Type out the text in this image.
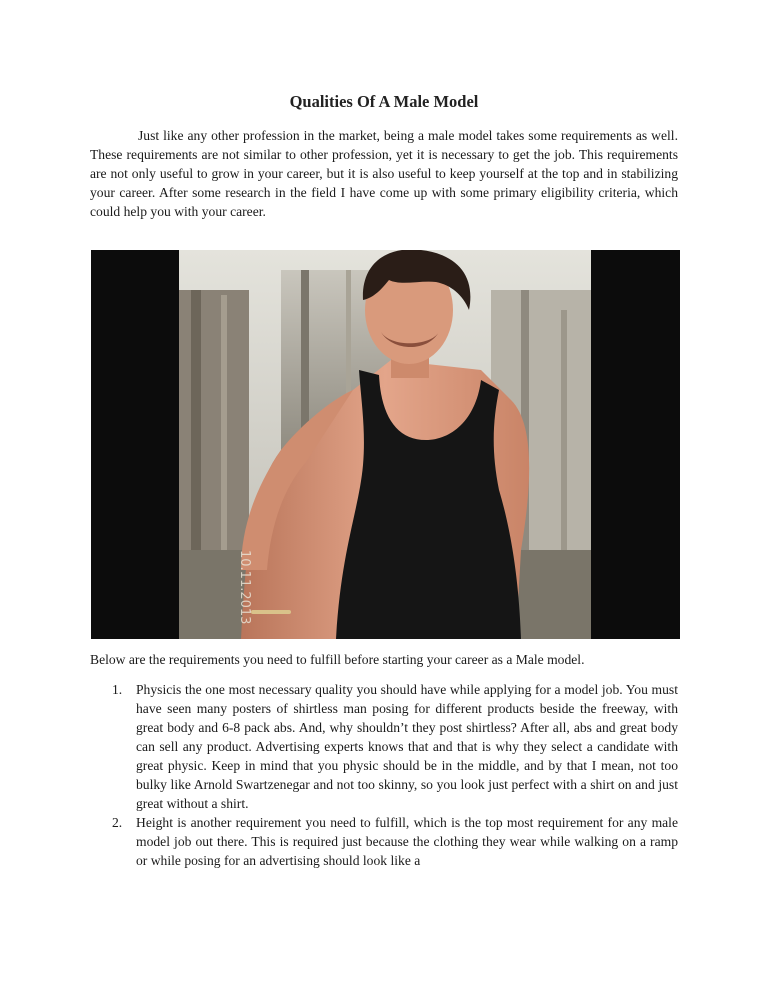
Qualities Of A Male Model

Just like any other profession in the market, being a male model takes some requirements as well. These requirements are not similar to other profession, yet it is necessary to get the job. This requirements are not only useful to grow in your career, but it is also useful to keep yourself at the top and in stabilizing your career. After some research in the field I have come up with some primary eligibility criteria, which could help you with your career.

10.11.2013

Below are the requirements you need to fulfill before starting your career as a Male model.

1. Physicis the one most necessary quality you should have while applying for a model job. You must have seen many posters of shirtless man posing for different products beside the freeway, with great body and 6-8 pack abs. And, why shouldn’t they post shirtless? After all, abs and great body can sell any product. Advertising experts knows that and that is why they select a candidate with great physic. Keep in mind that you physic should be in the middle, and by that I mean, not too bulky like Arnold Swartzenegar and not too skinny, so you look just perfect with a shirt on and just great without a shirt.
2. Height is another requirement you need to fulfill, which is the top most requirement for any male model job out there. This is required just because the clothing they wear while walking on a ramp or while posing for an advertising should look like a
